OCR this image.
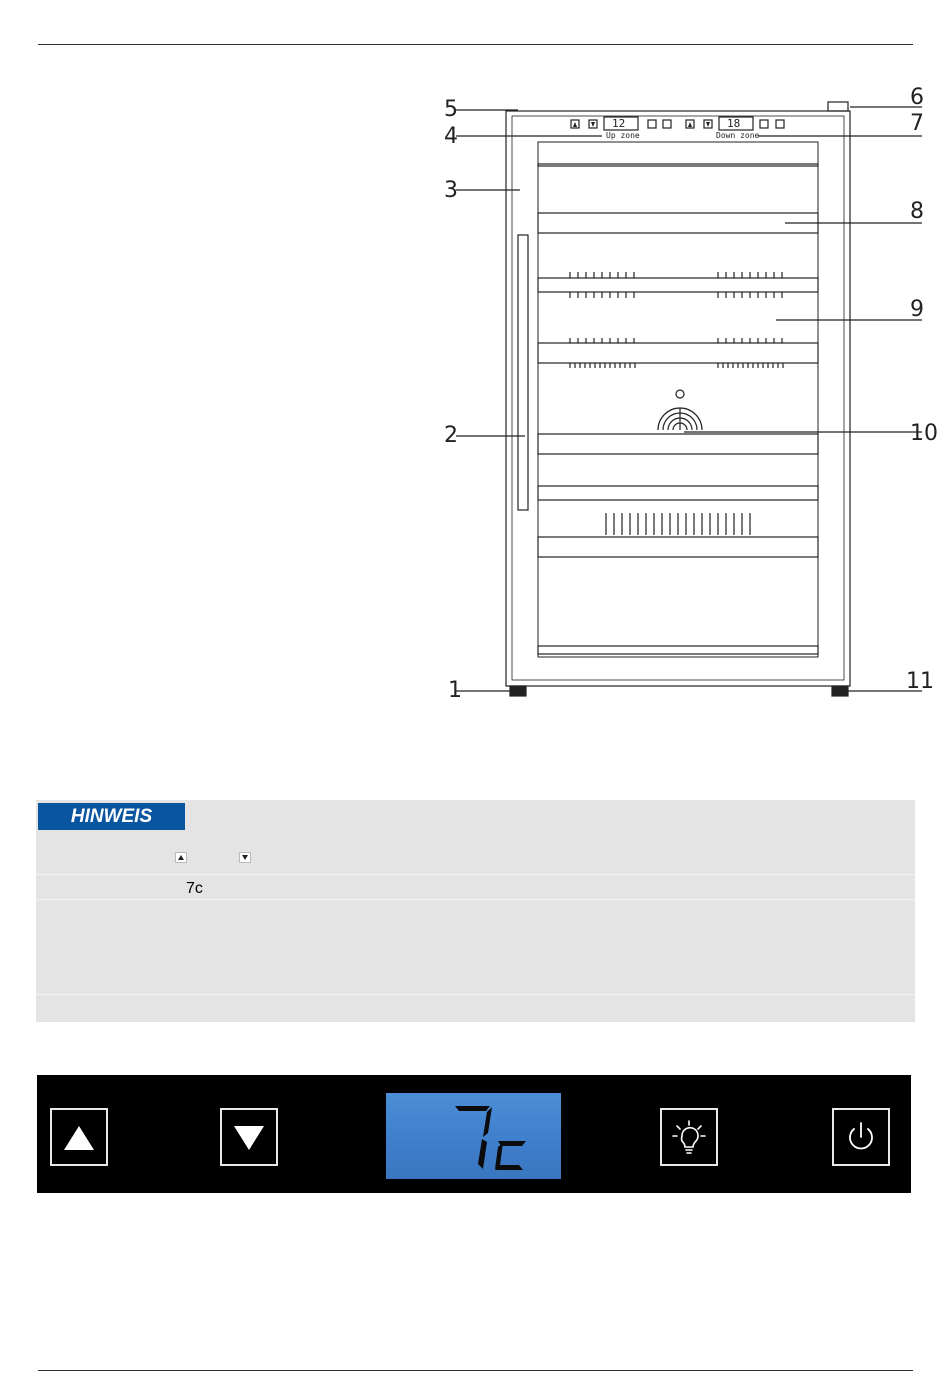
12	18
Up zone	Down zone
1
2
3
4
5	6
7
8
9
10
11
HINWEIS
7c
